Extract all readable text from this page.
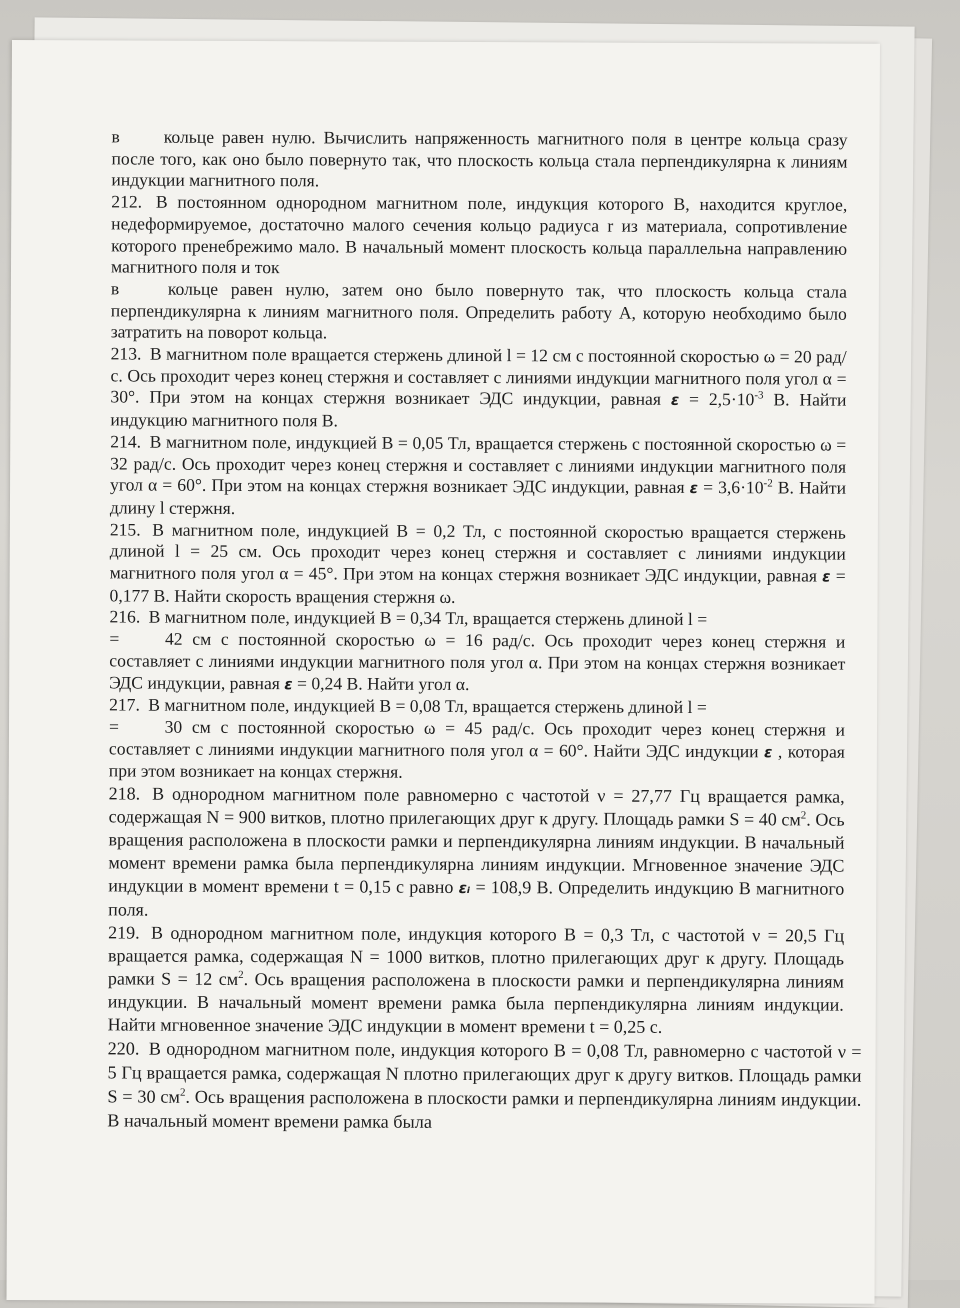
в кольце равен нулю. Вычислить напряженность магнитного поля в центре кольца сразу после того, как оно было повернуто так, что плоскость кольца стала перпендикулярна к линиям индукции магнитного поля.

212. В постоянном однородном магнитном поле, индукция которого B, находится круглое, недеформируемое, достаточно малого сечения кольцо радиуса r из материала, сопротивление которого пренебрежимо мало. В начальный момент плоскость кольца параллельна направлению магнитного поля и ток
в	кольце равен нулю, затем оно было повернуто так, что плоскость кольца стала перпендикулярна к линиям магнитного поля. Определить работу A, которую необходимо было затратить на поворот кольца.

213. В магнитном поле вращается стержень длиной l = 12 см с постоянной скоростью ω = 20 рад/с. Ось проходит через конец стержня и составляет с линиями индукции магнитного поля угол α = 30°. При этом на концах стержня возникает ЭДС индукции, равная $\varepsilon = 2,5\cdot 10^{-3}$ В. Найти индукцию магнитного поля B.

214. В магнитном поле, индукцией B = 0,05 Тл, вращается стержень с постоянной скоростью ω = 32 рад/с. Ось проходит через конец стержня и составляет с линиями индукции магнитного поля угол α = 60°. При этом на концах стержня возникает ЭДС индукции, равная $\varepsilon = 3,6\cdot 10^{-2}$ В. Найти длину l стержня.

215. В магнитном поле, индукцией B = 0,2 Тл, с постоянной скоростью вращается стержень длиной l = 25 см. Ось проходит через конец стержня и составляет с линиями индукции магнитного поля угол α = 45°. При этом на концах стержня возникает ЭДС индукции, равная ε = 0,177 В. Найти скорость вращения стержня ω.

216. В магнитном поле, индукцией B = 0,34 Тл, вращается стержень длиной l =
=	42 см с постоянной скоростью ω = 16 рад/с. Ось проходит через конец стержня и составляет с линиями индукции магнитного поля угол α. При этом на концах стержня возникает ЭДС индукции, равная ε = 0,24 В. Найти угол α.

217. В магнитном поле, индукцией B = 0,08 Тл, вращается стержень длиной l =
=	30 см с постоянной скоростью ω = 45 рад/с. Ось проходит через конец стержня и составляет с линиями индукции магнитного поля угол α = 60°. Найти ЭДС индукции ε , которая при этом возникает на концах стержня.

218. В однородном магнитном поле равномерно с частотой ν = 27,77 Гц вращается рамка, содержащая N = 900 витков, плотно прилегающих друг к другу. Площадь рамки S = 40 $см^2$. Ось вращения расположена в плоскости рамки и перпендикулярна линиям индукции. В начальный момент времени рамка была перпендикулярна линиям индукции. Мгновенное значение ЭДС индукции в момент времени t = 0,15 с равно εᵢ = 108,9 В. Определить индукцию B магнитного поля.

219. В однородном магнитном поле, индукция которого B = 0,3 Тл, с частотой ν = 20,5 Гц вращается рамка, содержащая N = 1000 витков, плотно прилегающих друг к другу. Площадь рамки S = 12 $см^2$. Ось вращения расположена в плоскости рамки и перпендикулярна линиям индукции. В начальный момент времени рамка была перпендикулярна линиям индукции. Найти мгновенное значение ЭДС индукции в момент времени t = 0,25 с.

220. В однородном магнитном поле, индукция которого B = 0,08 Тл, равномерно с частотой ν = 5 Гц вращается рамка, содержащая N плотно прилегающих друг к другу витков. Площадь рамки S = 30 $см^2$. Ось вращения расположена в плоскости рамки и перпендикулярна линиям индукции. В начальный момент времени рамка была
